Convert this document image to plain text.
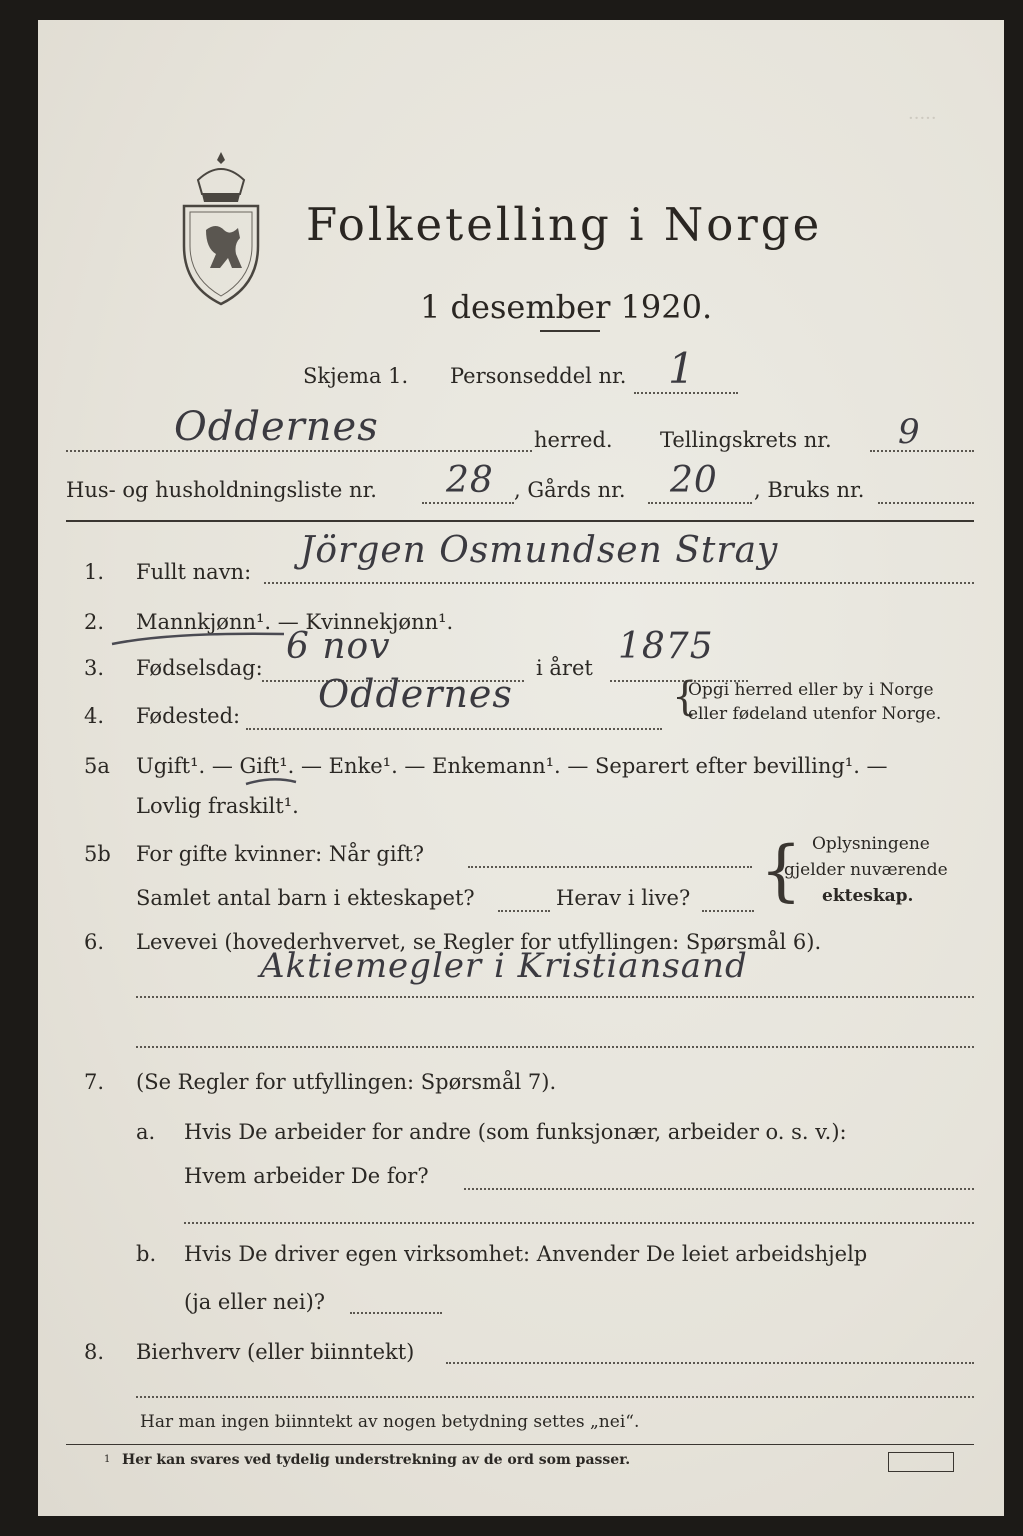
Folketelling i Norge
1 desember 1920.
·····
Skjema 1. Personseddel nr. 1
Oddernes	herred. Tellingskrets nr. 9
Hus- og husholdningsliste nr. 28 , Gårds nr. 20 , Bruks nr.
1. Fullt navn:
Jörgen Osmundsen Stray
2. Mannkjønn¹. — Kvinnekjønn¹.
3. Fødselsdag:
6 nov
i året
1875
4. Fødested: Oddernes	{
Opgi herred eller by i Norge
eller fødeland utenfor Norge.
5a Ugift¹. — Gift¹. — Enke¹. — Enkemann¹. — Separert efter bevilling¹. —
Lovlig fraskilt¹.
5b For gifte kvinner: Når gift?
Samlet antal barn i ekteskapet?	Herav i live? { Oplysningene
gjelder nuværende
ekteskap.
6. Levevei (hovederhvervet, se Regler for utfyllingen: Spørsmål 6).
Aktiemegler i Kristiansand
7. (Se Regler for utfyllingen: Spørsmål 7).
a. Hvis De arbeider for andre (som funksjonær, arbeider o. s. v.):
Hvem arbeider De for?
b. Hvis De driver egen virksomhet: Anvender De leiet arbeidshjelp
(ja eller nei)?
8. Bierhverv (eller biinntekt)
Har man ingen biinntekt av nogen betydning settes „nei“.
1 Her kan svares ved tydelig understrekning av de ord som passer.
